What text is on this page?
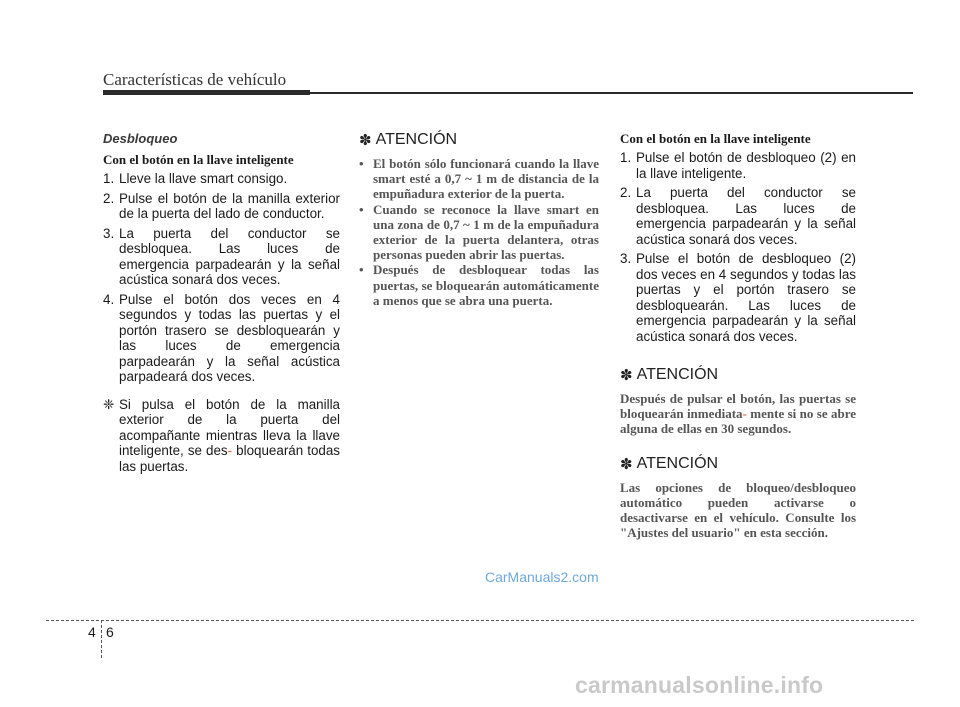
Características de vehículo
Desbloqueo
Con el botón en la llave inteligente
1. Lleve la llave smart consigo.
2. Pulse el botón de la manilla exterior de la puerta del lado de conductor.
3. La puerta del conductor se desbloquea. Las luces de emergencia parpadearán y la señal acústica sonará dos veces.
4. Pulse el botón dos veces en 4 segundos y todas las puertas y el portón trasero se desbloquearán y las luces de emergencia parpadearán y la señal acústica parpadeará dos veces.
❈ Si pulsa el botón de la manilla exterior de la puerta del acompañante mientras lleva la llave inteligente, se des- bloquearán todas las puertas.
✽ ATENCIÓN
• El botón sólo funcionará cuando la llave smart esté a 0,7 ~ 1 m de distancia de la empuñadura exterior de la puerta.
• Cuando se reconoce la llave smart en una zona de 0,7 ~ 1 m de la empuñadura exterior de la puerta delantera, otras personas pueden abrir las puertas.
• Después de desbloquear todas las puertas, se bloquearán automáticamente a menos que se abra una puerta.
Con el botón en la llave inteligente
1. Pulse el botón de desbloqueo (2) en la llave inteligente.
2. La puerta del conductor se desbloquea. Las luces de emergencia parpadearán y la señal acústica sonará dos veces.
3. Pulse el botón de desbloqueo (2) dos veces en 4 segundos y todas las puertas y el portón trasero se desbloquearán. Las luces de emergencia parpadearán y la señal acústica sonará dos veces.
✽ ATENCIÓN

Después de pulsar el botón, las puertas se bloquearán inmediata- mente si no se abre alguna de ellas en 30 segundos.

✽ ATENCIÓN

Las opciones de bloqueo/desbloqueo automático pueden activarse o desactivarse en el vehículo. Consulte los "Ajustes del usuario" en esta sección.

CarManuals2.com
4 6
carmanualsonline.info
